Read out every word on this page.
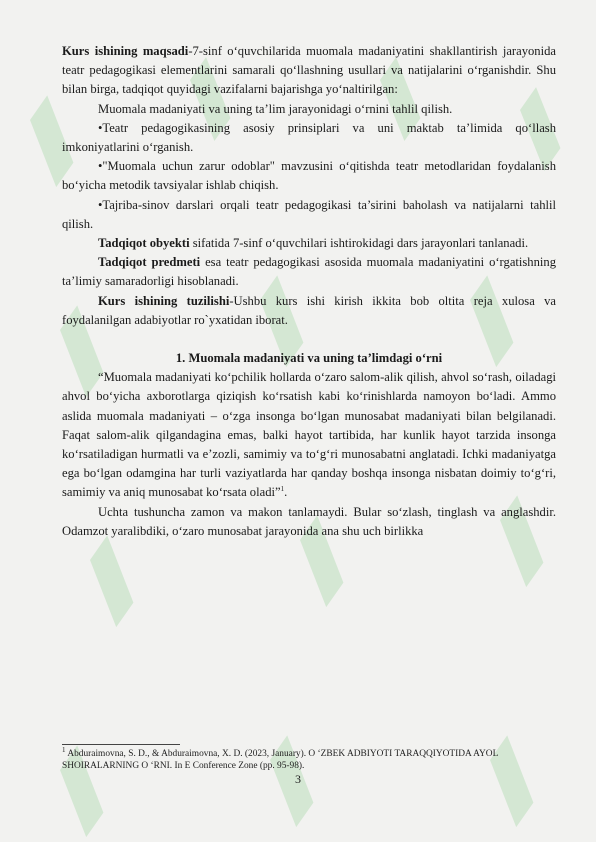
Kurs ishining maqsadi-7-sinf o‘quvchilarida muomala madaniyatini shakllantirish jarayonida teatr pedagogikasi elementlarini samarali qo‘llashning usullari va natijalarini o‘rganishdir. Shu bilan birga, tadqiqot quyidagi vazifalarni bajarishga yo‘naltirilgan:

Muomala madaniyati va uning ta’lim jarayonidagi o‘rnini tahlil qilish.

•Teatr pedagogikasining asosiy prinsiplari va uni maktab ta’limida qo‘llash imkoniyatlarini o‘rganish.

•"Muomala uchun zarur odoblar" mavzusini o‘qitishda teatr metodlaridan foydalanish bo‘yicha metodik tavsiyalar ishlab chiqish.

•Tajriba-sinov darslari orqali teatr pedagogikasi ta’sirini baholash va natijalarni tahlil qilish.

Tadqiqot obyekti sifatida 7-sinf o‘quvchilari ishtirokidagi dars jarayonlari tanlanadi.

Tadqiqot predmeti esa teatr pedagogikasi asosida muomala madaniyatini o‘rgatishning ta’limiy samaradorligi hisoblanadi.

Kurs ishining tuzilishi-Ushbu kurs ishi kirish ikkita bob oltita reja xulosa va foydalanilgan adabiyotlar ro`yxatidan iborat.

1. Muomala madaniyati va uning ta’limdagi o‘rni

“Muomala madaniyati ko‘pchilik hollarda o‘zaro salom-alik qilish, ahvol so‘rash, oiladagi ahvol bo‘yicha axborotlarga qiziqish ko‘rsatish kabi ko‘rinishlarda namoyon bo‘ladi. Ammo aslida muomala madaniyati – o‘zga insonga bo‘lgan munosabat madaniyati bilan belgilanadi. Faqat salom-alik qilgandagina emas, balki hayot tartibida, har kunlik hayot tarzida insonga ko‘rsatiladigan hurmatli va e’zozli, samimiy va to‘g‘ri munosabatni anglatadi. Ichki madaniyatga ega bo‘lgan odamgina har turli vaziyatlarda har qanday boshqa insonga nisbatan doimiy to‘g‘ri, samimiy va aniq munosabat ko‘rsata oladi”$^1$.

Uchta tushuncha zamon va makon tanlamaydi. Bular so‘zlash, tinglash va anglashdir. Odamzot yaralibdiki, o‘zaro munosabat jarayonida ana shu uch birlikka

$^1$ Abduraimovna, S. D., & Abduraimovna, X. D. (2023, January). O ‘ZBEK ADBIYOTI TARAQQIYOTIDA AYOL SHOIRALARNING O ‘RNI. In E Conference Zone (pp. 95-98).
3
